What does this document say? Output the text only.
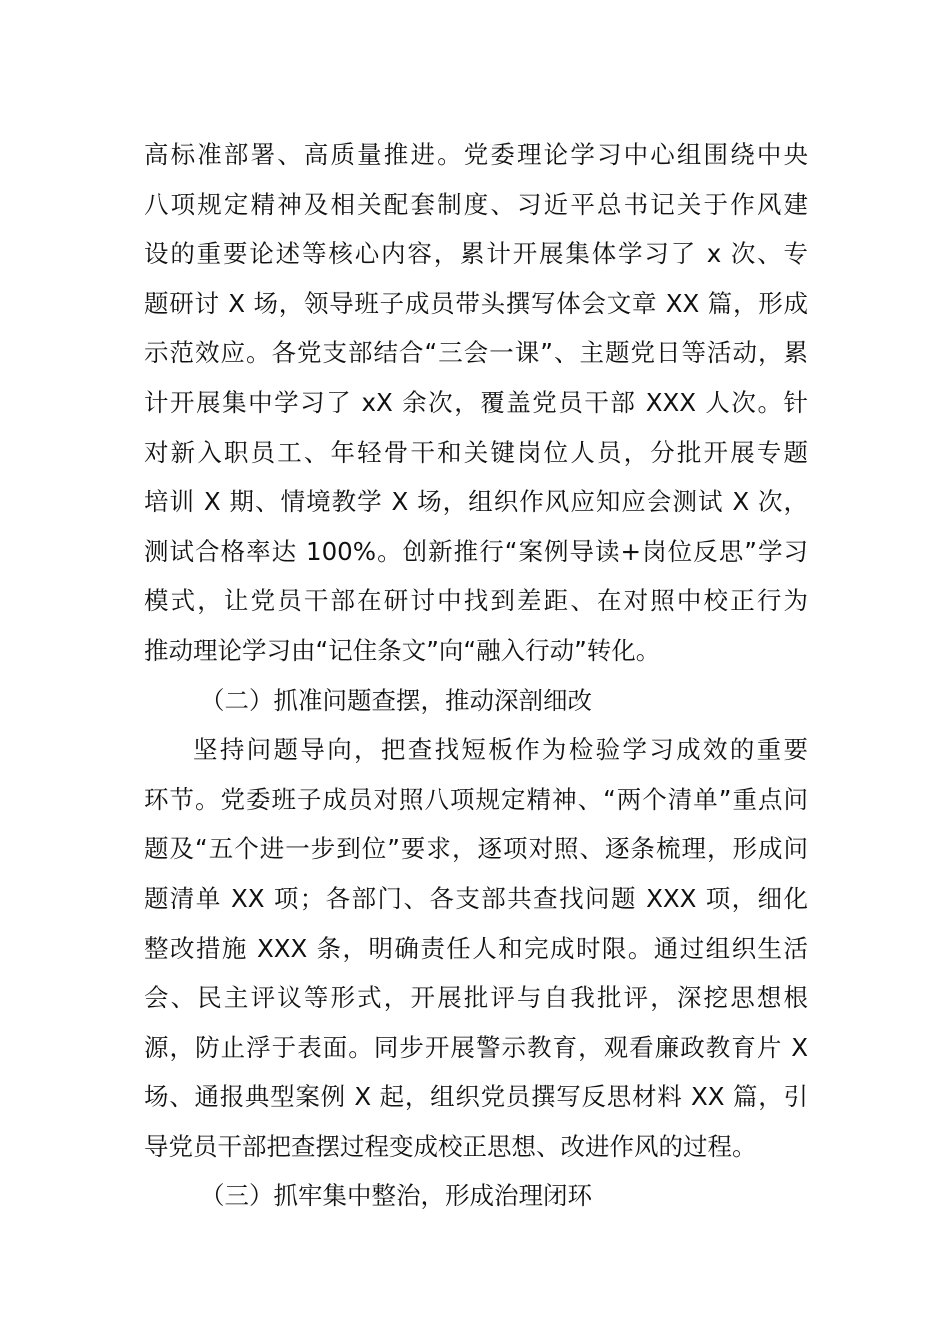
高标准部署、高质量推进。党委理论学习中心组围绕中央
八项规定精神及相关配套制度、习近平总书记关于作风建
设的重要论述等核心内容，累计开展集体学习了 x 次、专
题研讨 X 场，领导班子成员带头撰写体会文章 XX 篇，形成
示范效应。各党支部结合“三会一课”、主题党日等活动，累
计开展集中学习了 xX 余次，覆盖党员干部 XXX 人次。针
对新入职员工、年轻骨干和关键岗位人员，分批开展专题
培训 X 期、情境教学 X 场，组织作风应知应会测试 X 次，
测试合格率达 100%。创新推行“案例导读+岗位反思”学习
模式，让党员干部在研讨中找到差距、在对照中校正行为
推动理论学习由“记住条文”向“融入行动”转化。
（二）抓准问题查摆，推动深剖细改
坚持问题导向，把查找短板作为检验学习成效的重要
环节。党委班子成员对照八项规定精神、“两个清单”重点问
题及“五个进一步到位”要求，逐项对照、逐条梳理，形成问
题清单 XX 项；各部门、各支部共查找问题 XXX 项，细化
整改措施 XXX 条，明确责任人和完成时限。通过组织生活
会、民主评议等形式，开展批评与自我批评，深挖思想根
源，防止浮于表面。同步开展警示教育，观看廉政教育片 X
场、通报典型案例 X 起，组织党员撰写反思材料 XX 篇，引
导党员干部把查摆过程变成校正思想、改进作风的过程。
（三）抓牢集中整治，形成治理闭环
